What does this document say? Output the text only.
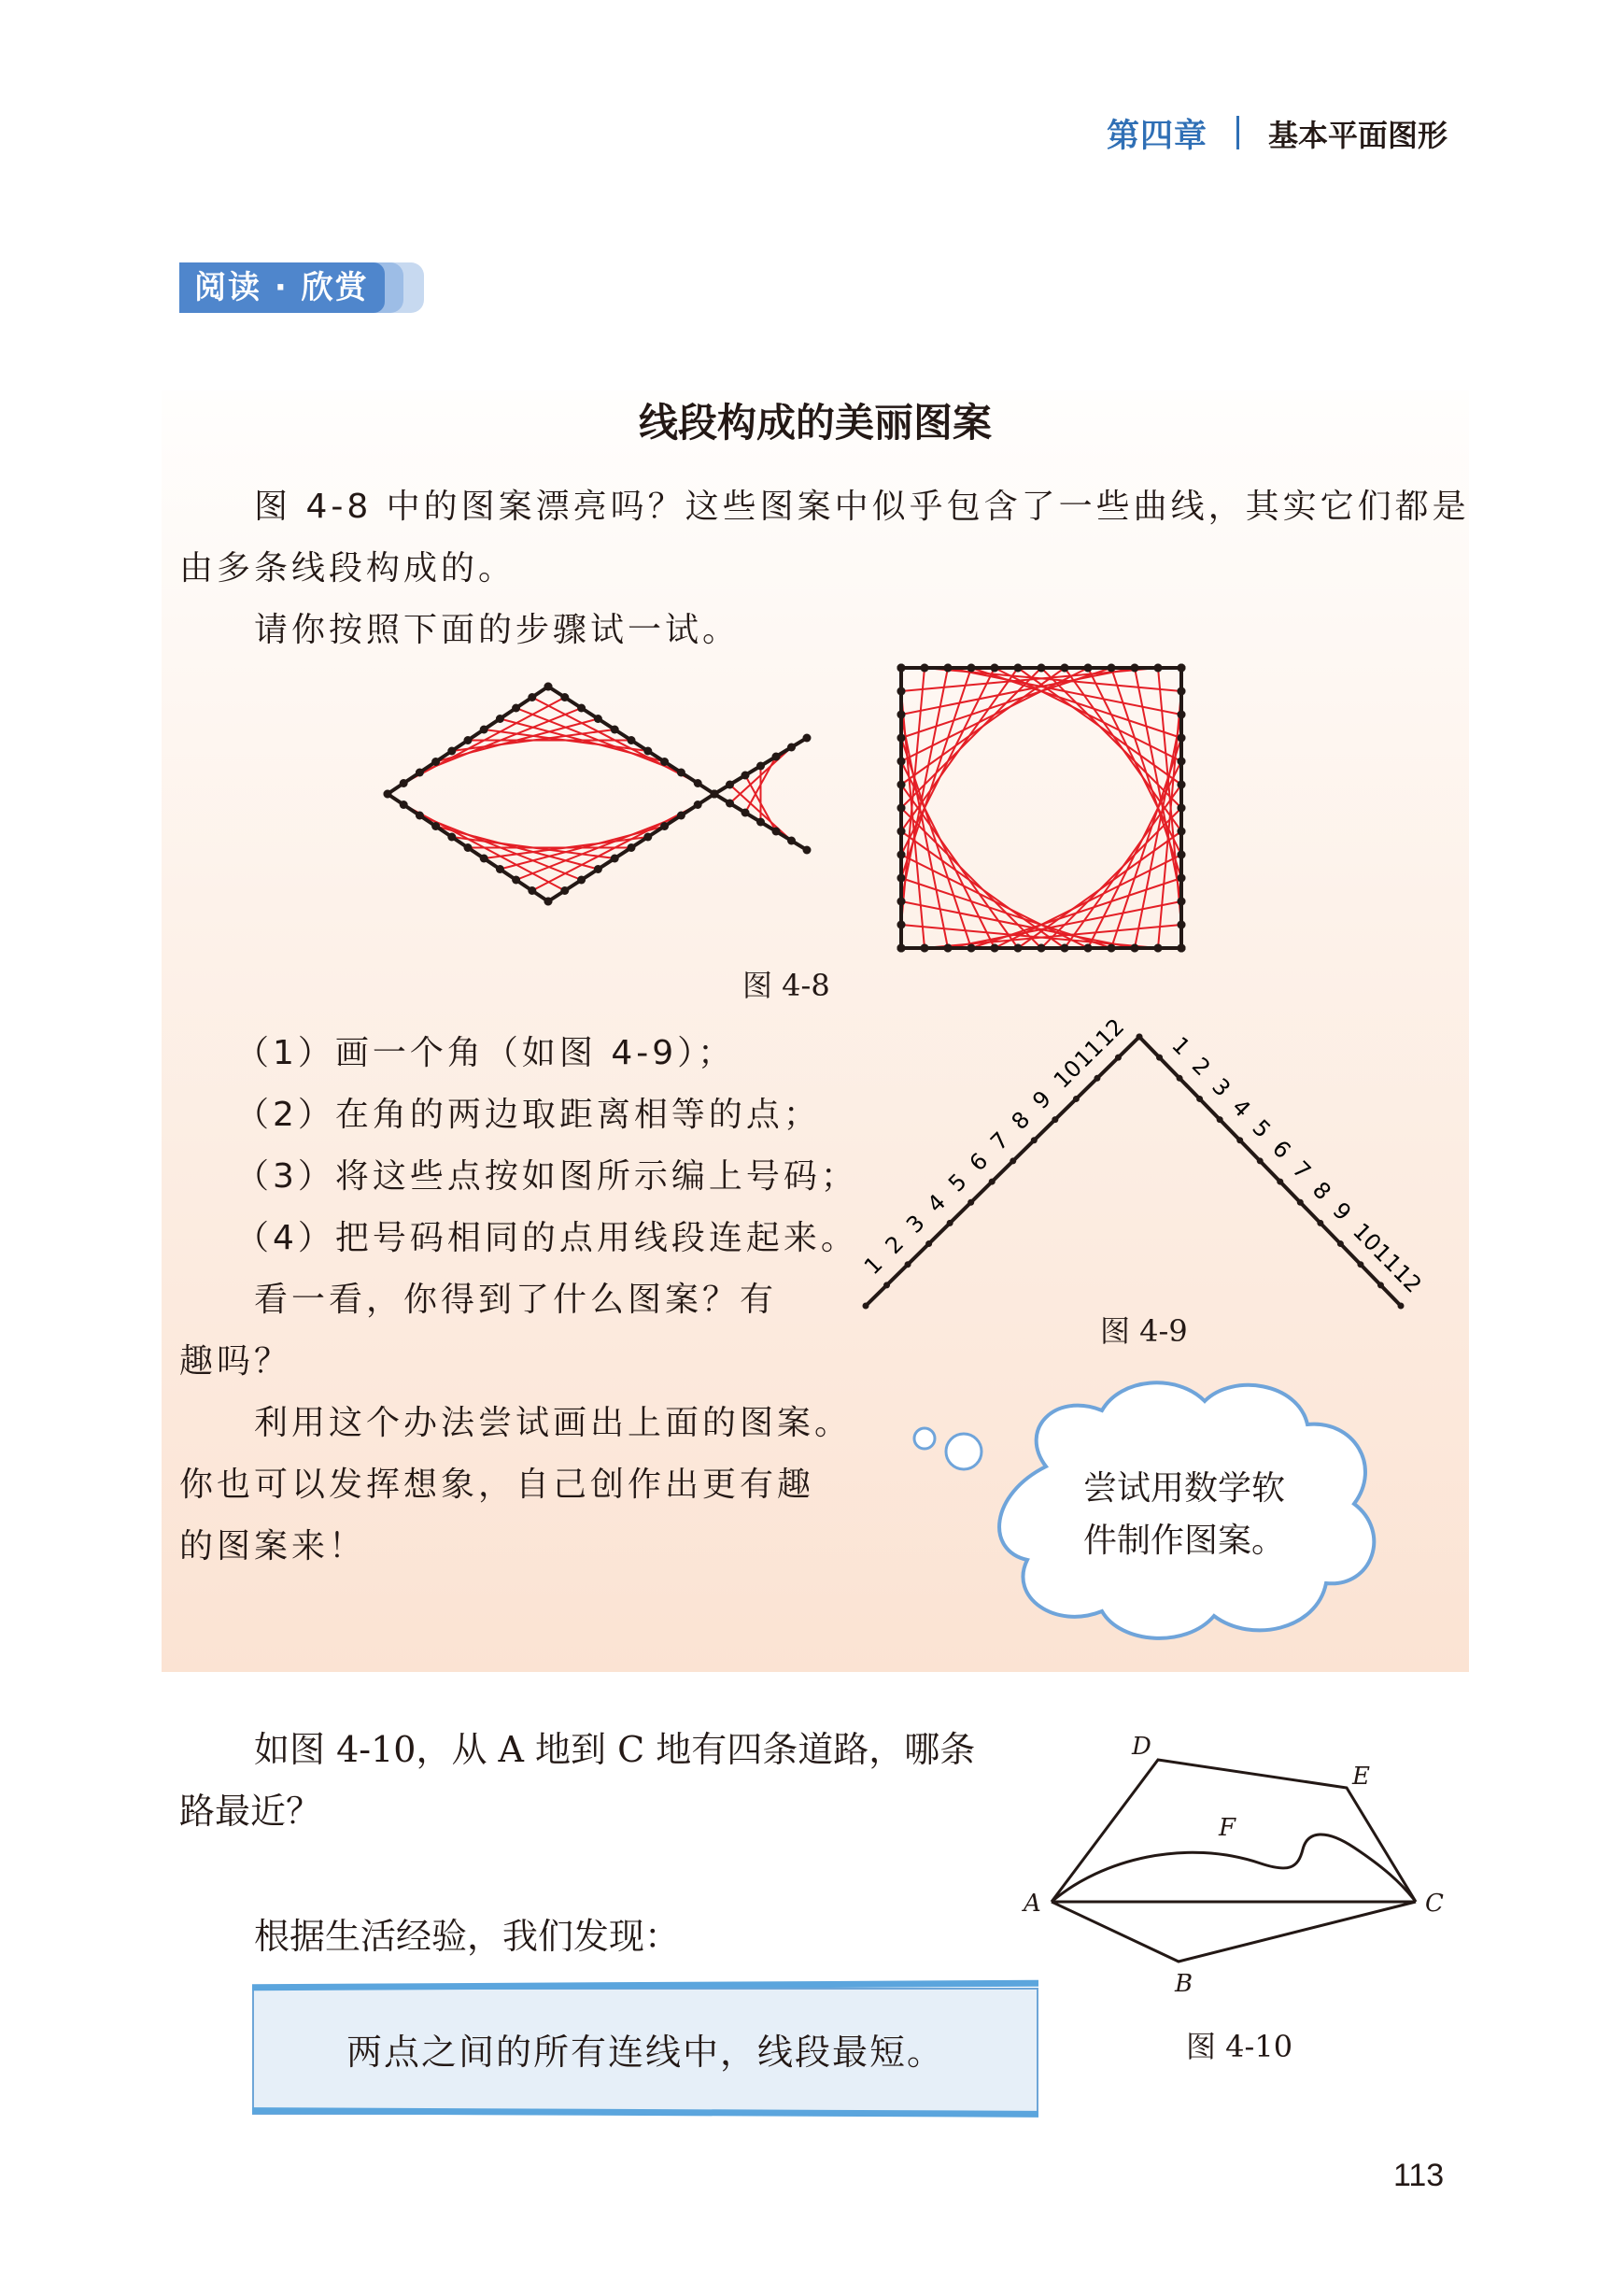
第四章 基本平面图形
阅读 · 欣赏
线段构成的美丽图案
图 4-8 中的图案漂亮吗？这些图案中似乎包含了一些曲线，其实它们都是
由多条线段构成的。
请你按照下面的步骤试一试。
图 4-8
（1）画一个角（如图 4-9）；
（2）在角的两边取距离相等的点；
（3）将这些点按如图所示编上号码；
（4）把号码相同的点用线段连起来。
看一看，你得到了什么图案？有
趣吗？
利用这个办法尝试画出上面的图案。
你也可以发挥想象，自己创作出更有趣
的图案来！
1
2
3
4
5
6
7
8
9
10
11
12 1
2
3
4
5
6
7
8
9
10
11
12
图 4-9
尝试用数学软
件制作图案。
如图 4-10，从 A 地到 C 地有四条道路，哪条
路最近？
根据生活经验，我们发现：
A
D
E
F
C
B
图 4-10
两点之间的所有连线中，线段最短。
113
